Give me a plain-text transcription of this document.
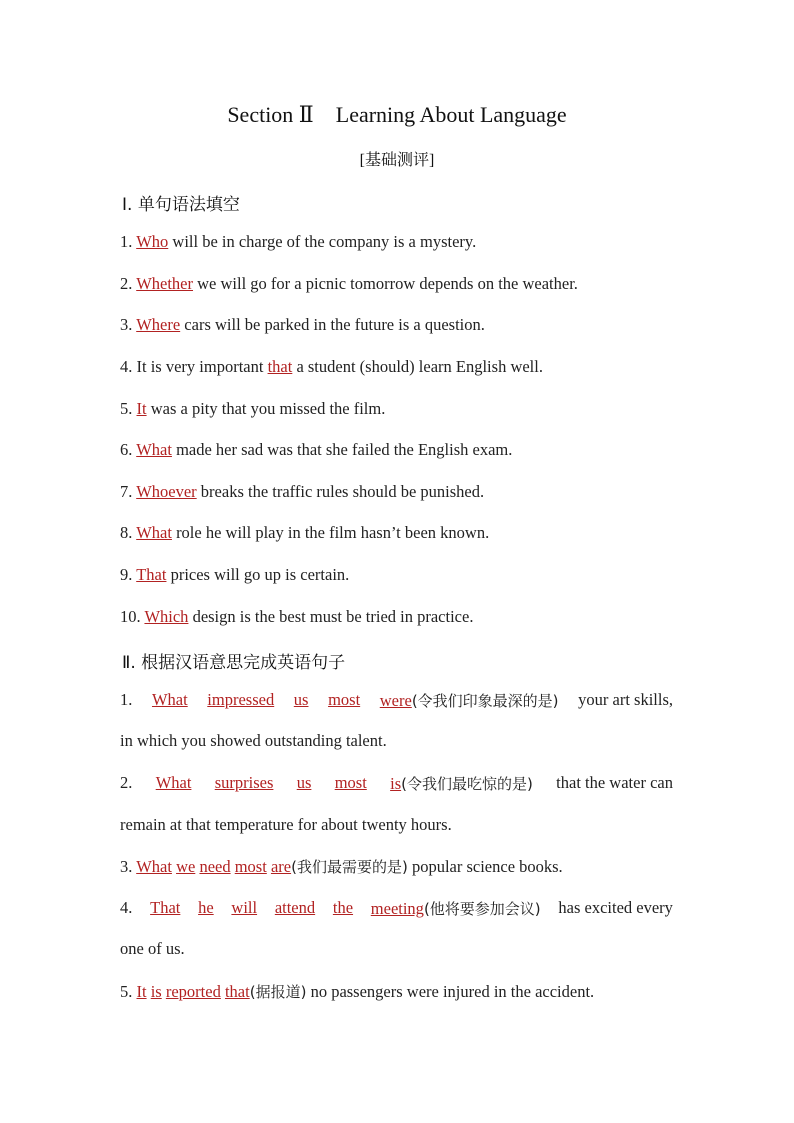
Section Ⅱ    Learning About Language
[基础测评]
Ⅰ. 单句语法填空
1. Who will be in charge of the company is a mystery.
2. Whether we will go for a picnic tomorrow depends on the weather.
3. Where cars will be parked in the future is a question.
4. It is very important that a student (should) learn English well.
5. It was a pity that you missed the film.
6. What made her sad was that she failed the English exam.
7. Whoever breaks the traffic rules should be punished.
8. What role he will play in the film hasn’t been known.
9. That prices will go up is certain.
10. Which design is the best must be tried in practice.
Ⅱ. 根据汉语意思完成英语句子
1. What impressed us most were(令我们印象最深的是) your art skills,
in which you showed outstanding talent.
2. What surprises us most is(令我们最吃惊的是) that the water can
remain at that temperature for about twenty hours.
3. What we need most are(我们最需要的是) popular science books.
4. That he will attend the meeting(他将要参加会议) has excited every
one of us.
5. It is reported that(据报道) no passengers were injured in the accident.
